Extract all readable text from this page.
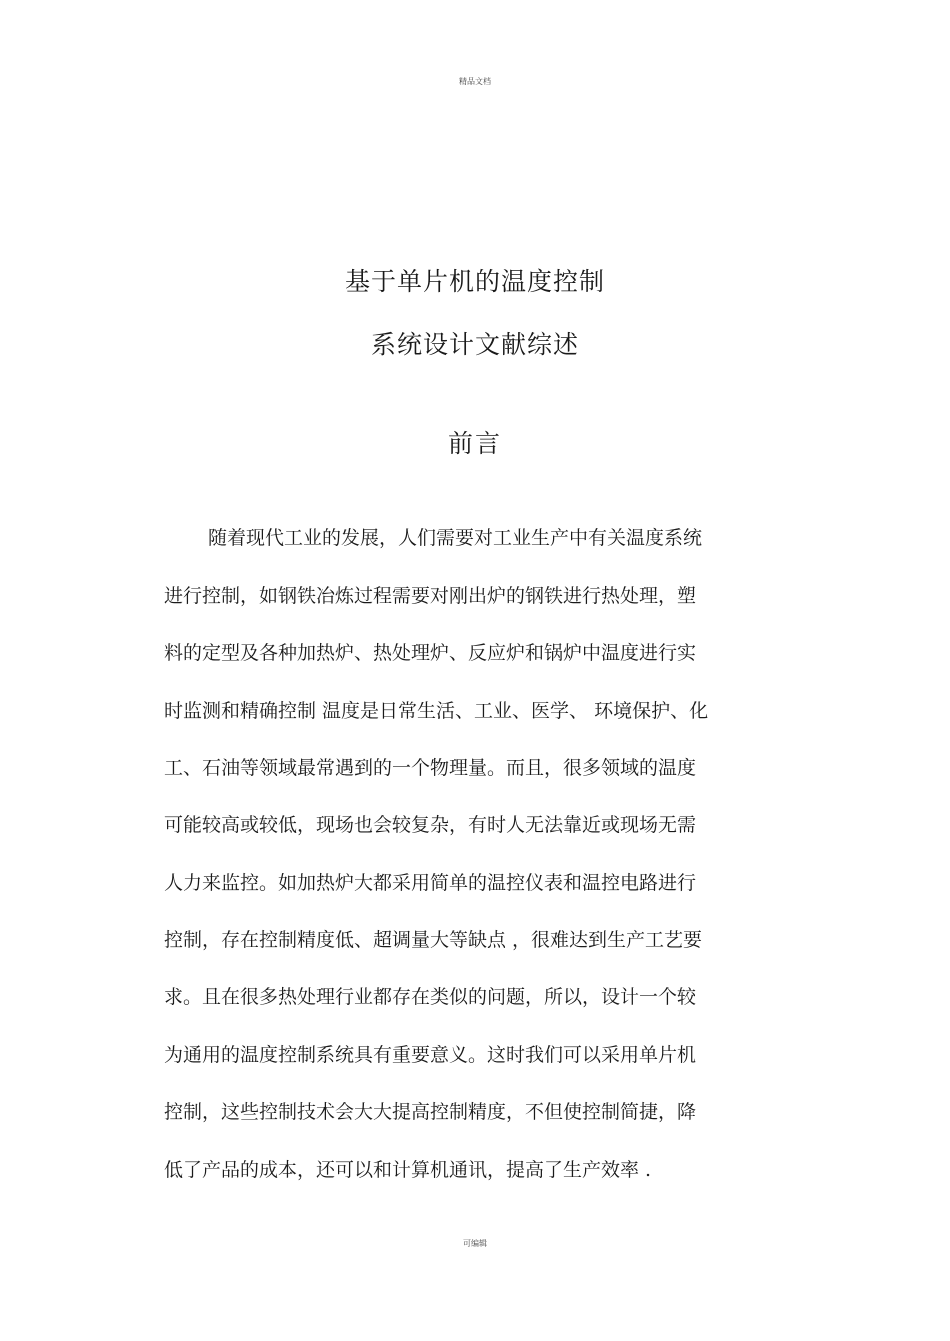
精品文档
基于单片机的温度控制
系统设计文献综述
前言
随着现代工业的发展，人们需要对工业生产中有关温度系统
进行控制，如钢铁冶炼过程需要对刚出炉的钢铁进行热处理，塑
料的定型及各种加热炉、热处理炉、反应炉和锅炉中温度进行实
时监测和精确控制 温度是日常生活、工业、医学、 环境保护、化
工、石油等领域最常遇到的一个物理量。而且，很多领域的温度
可能较高或较低，现场也会较复杂，有时人无法靠近或现场无需
人力来监控。如加热炉大都采用简单的温控仪表和温控电路进行
控制，存在控制精度低、超调量大等缺点 ，很难达到生产工艺要
求。且在很多热处理行业都存在类似的问题，所以，设计一个较
为通用的温度控制系统具有重要意义。这时我们可以采用单片机
控制，这些控制技术会大大提高控制精度，不但使控制简捷，降
低了产品的成本，还可以和计算机通讯，提高了生产效率 .
可编辑
